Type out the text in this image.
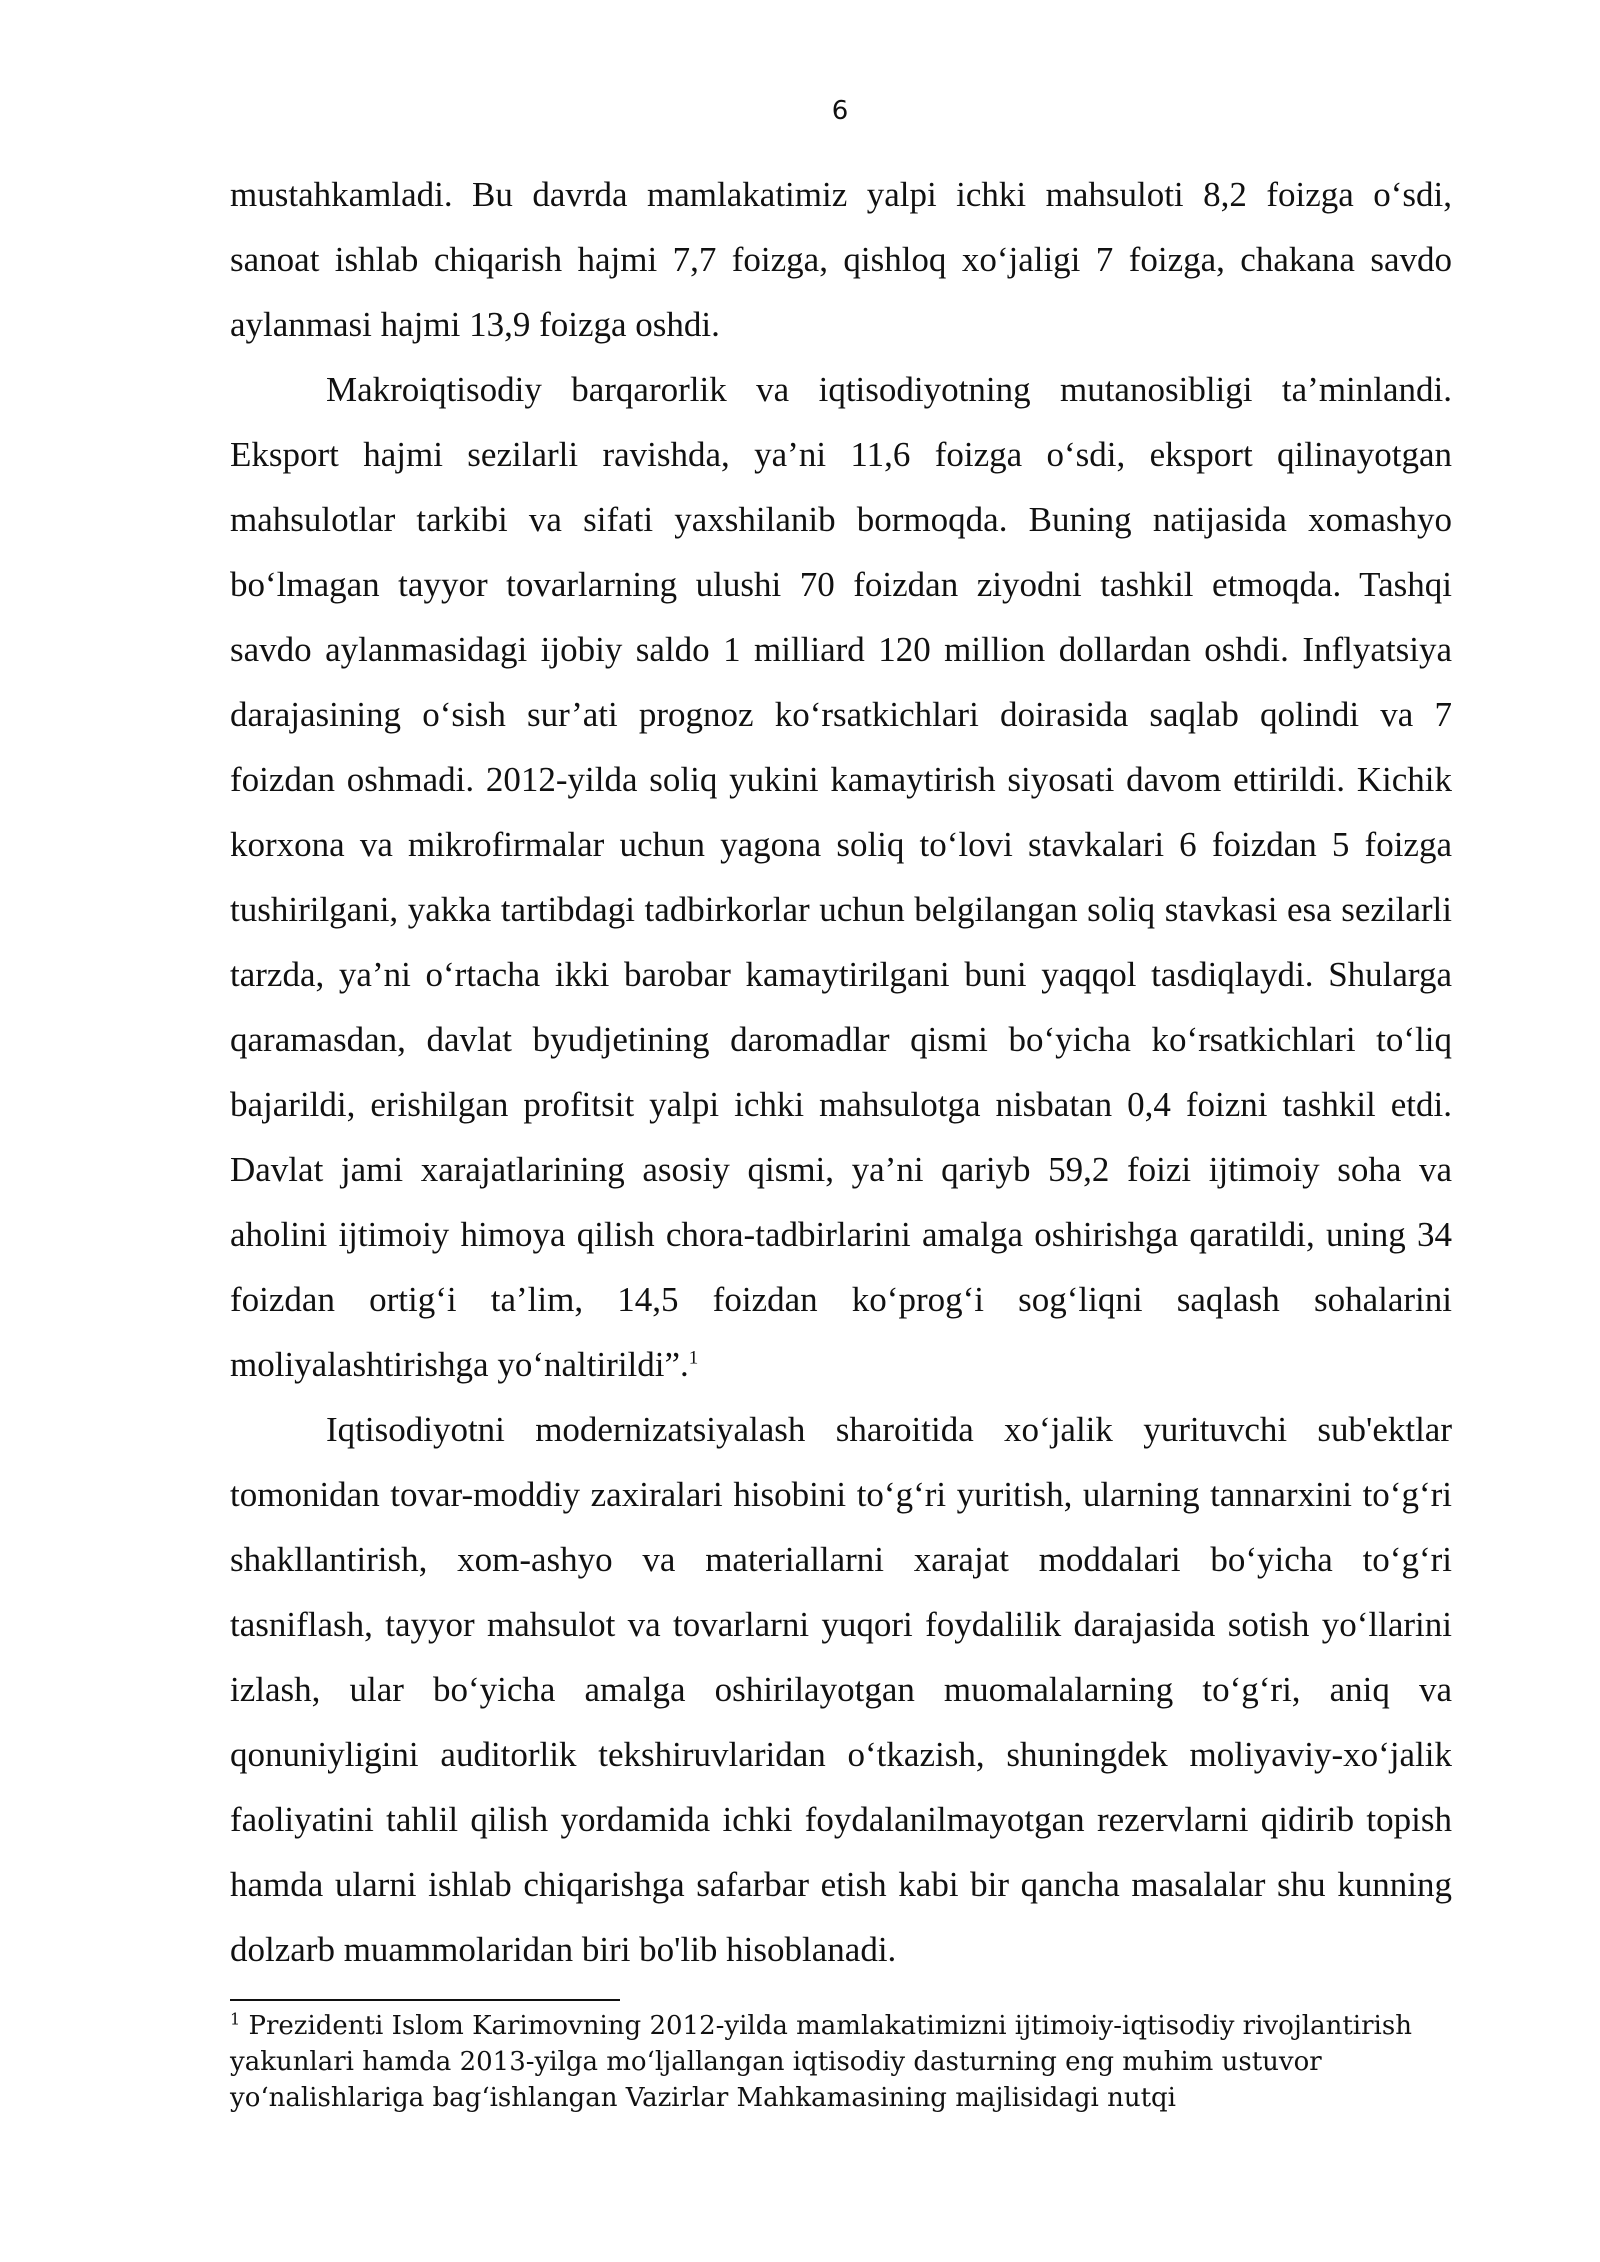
6

mustahkamladi. Bu davrda mamlakatimiz yalpi ichki mahsuloti 8,2 foizga o‘sdi, sanoat ishlab chiqarish hajmi 7,7 foizga, qishloq xo‘jaligi 7 foizga, chakana savdo aylanmasi hajmi 13,9 foizga oshdi.

Makroiqtisodiy barqarorlik va iqtisodiyotning mutanosibligi ta’minlandi. Eksport hajmi sezilarli ravishda, ya’ni 11,6 foizga o‘sdi, eksport qilinayotgan mahsulotlar tarkibi va sifati yaxshilanib bormoqda. Buning natijasida xomashyo bo‘lmagan tayyor tovarlarning ulushi 70 foizdan ziyodni tashkil etmoqda. Tashqi savdo aylanmasidagi ijobiy saldo 1 milliard 120 million dollardan oshdi. Inflyatsiya darajasining o‘sish sur’ati prognoz ko‘rsatkichlari doirasida saqlab qolindi va 7 foizdan oshmadi. 2012-yilda soliq yukini kamaytirish siyosati davom ettirildi. Kichik korxona va mikrofirmalar uchun yagona soliq to‘lovi stavkalari 6 foizdan 5 foizga tushirilgani, yakka tartibdagi tadbirkorlar uchun belgilangan soliq stavkasi esa sezilarli tarzda, ya’ni o‘rtacha ikki barobar kamaytirilgani buni yaqqol tasdiqlaydi. Shularga qaramasdan, davlat byudjetining daromadlar qismi bo‘yicha ko‘rsatkichlari to‘liq bajarildi, erishilgan profitsit yalpi ichki mahsulotga nisbatan 0,4 foizni tashkil etdi. Davlat jami xarajatlarining asosiy qismi, ya’ni qariyb 59,2 foizi ijtimoiy soha va aholini ijtimoiy himoya qilish chora-tadbirlarini amalga oshirishga qaratildi, uning 34 foizdan ortig‘i ta’lim, 14,5 foizdan ko‘prog‘i sog‘liqni saqlash sohalarini moliyalashtirishga yo‘naltirildi”.$^1$

Iqtisodiyotni modernizatsiyalash sharoitida xo‘jalik yurituvchi sub'ektlar tomonidan tovar-moddiy zaxiralari hisobini to‘g‘ri yuritish, ularning tannarxini to‘g‘ri shakllantirish, xom-ashyo va materiallarni xarajat moddalari bo‘yicha to‘g‘ri tasniflash, tayyor mahsulot va tovarlarni yuqori foydalilik darajasida sotish yo‘llarini izlash, ular bo‘yicha amalga oshirilayotgan muomalalarning to‘g‘ri, aniq va qonuniyligini auditorlik tekshiruvlaridan o‘tkazish, shuningdek moliyaviy-xo‘jalik faoliyatini tahlil qilish yordamida ichki foydalanilmayotgan rezervlarni qidirib topish hamda ularni ishlab chiqarishga safarbar etish kabi bir qancha masalalar shu kunning dolzarb muammolaridan biri bo'lib hisoblanadi.

$^1$ Prezidenti Islom Karimovning 2012-yilda mamlakatimizni ijtimoiy-iqtisodiy rivojlantirish yakunlari hamda 2013-yilga mo‘ljallangan iqtisodiy dasturning eng muhim ustuvor yo‘nalishlariga bag‘ishlangan Vazirlar Mahkamasining majlisidagi nutqi
